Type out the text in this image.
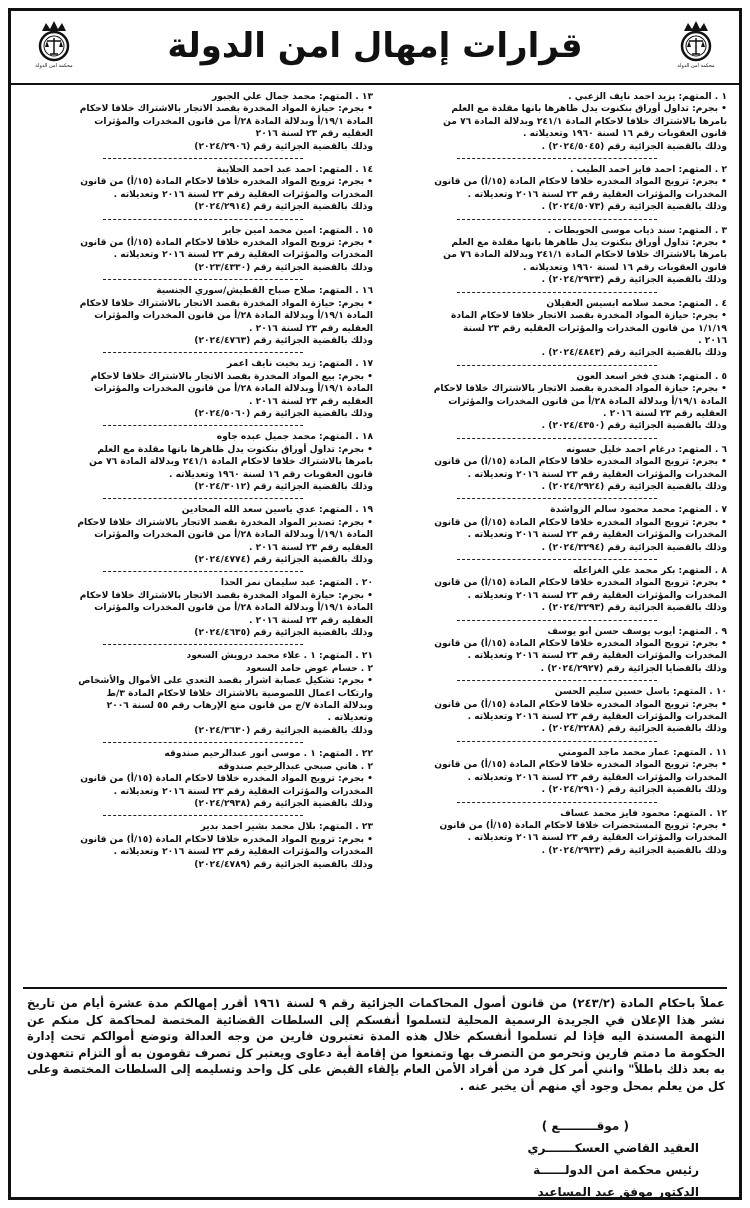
محكمة امن الدولة
قرارات إمهال امن الدولة
محكمة امن الدولة
١ . المتهم: يزيد احمد نايف الزعبي .
• بجرم: تداول أوراق بنكنوت يدل ظاهرها بانها مقلدة مع العلم
بامرها بالاشتراك خلافا لاحكام المادة ٢٤١/١ وبدلالة المادة ٧٦ من
قانون العقوبات رقم ١٦ لسنة ١٩٦٠ وتعديلاته .
وذلك بالقضية الجزائية رقم (٢٠٢٤/٥٠٤٥) .
٢ . المتهم: احمد فايز احمد الطيب .
• بجرم: ترويج المواد المخدره خلافا لاحكام المادة (١٥/أ) من قانون
المخدرات والمؤثرات العقلية رقم ٢٣ لسنة ٢٠١٦ وتعديلاته .
وذلك بالقضية الجزائية رقم (٢٠٢٤/٥٠٧٣) .
٣ . المتهم: سند ذياب موسى الحويطات .
• بجرم: تداول أوراق بنكنوت يدل ظاهرها بانها مقلدة مع العلم
بامرها بالاشتراك خلافا لاحكام المادة ٢٤١/١ وبدلالة المادة ٧٦ من
قانون العقوبات رقم ١٦ لسنة ١٩٦٠ وتعديلاته .
وذلك بالقضية الجزائية رقم (٢٠٢٤/٢٩٣٣) .
٤ . المتهم: محمد سلامه ابسيس العقيلان
• بجرم: حيازة المواد المخدرة بقصد الاتجار خلافا لاحكام المادة
١/١/١٩ من قانون المخدرات والمؤثرات العقليه رقم ٢٣ لسنة
٢٠١٦ .
وذلك بالقضية الجزائية رقم (٢٠٢٤/٤٨٤٣) .
٥ . المتهم: هندي فخر اسعد العون
• بجرم: حيازة المواد المخدرة بقصد الاتجار بالاشتراك خلافا لاحكام
المادة ١٩/١/أ وبدلالة المادة ٢٨/أ من قانون المخدرات والمؤثرات
العقليه رقم ٢٣ لسنة ٢٠١٦ .
وذلك بالقضية الجزائية رقم (٢٠٢٤/٤٣٥٠) .
٦ . المتهم: درغام احمد خليل حسونه
• بجرم: ترويج المواد المخدره خلافا لاحكام المادة (١٥/أ) من قانون
المخدرات والمؤثرات العقلية رقم ٢٣ لسنة ٢٠١٦ وتعديلاته .
وذلك بالقضية الجزائية رقم (٢٠٢٤/٢٩٢٤) .
٧ . المتهم: محمد محمود سالم الرواشدة
• بجرم: ترويج المواد المخدره خلافا لاحكام المادة (١٥/أ) من قانون
المخدرات والمؤثرات العقلية رقم ٢٣ لسنة ٢٠١٦ وتعديلاته .
وذلك بالقضية الجزائية رقم (٢٠٢٤/٣٢٩٤) .
٨ . المتهم: بكر محمد علي الغزاعله
• بجرم: ترويج المواد المخدره خلافا لاحكام المادة (١٥/أ) من قانون
المخدرات والمؤثرات العقلية رقم ٢٣ لسنة ٢٠١٦ وتعديلاته .
وذلك بالقضية الجزائية رقم (٢٠٢٤/٣٢٩٣) .
٩ . المتهم: أيوب يوسف حسن أبو يوسف
• بجرم: ترويج المواد المخدره خلافا لاحكام المادة (١٥/أ) من قانون
المخدرات والمؤثرات العقلية رقم ٢٣ لسنة ٢٠١٦ وتعديلاته .
وذلك بالقضايا الجزائية رقم (٢٠٢٤/٢٩٢٧) .
١٠ . المتهم: باسل حسين سليم الحسن
• بجرم: ترويج المواد المخدره خلافا لاحكام المادة (١٥/أ) من قانون
المخدرات والمؤثرات العقلية رقم ٢٣ لسنة ٢٠١٦ وتعديلاته .
وذلك بالقضية الجزائية رقم (٢٠٢٤/٣٢٨٨) .
١١ . المتهم: عمار محمد ماجد المومني
• بجرم: ترويج المواد المخدره خلافا لاحكام المادة (١٥/أ) من قانون
المخدرات والمؤثرات العقلية رقم ٢٣ لسنة ٢٠١٦ وتعديلاته .
وذلك بالقضية الجزائية رقم (٢٠٢٤/٢٩١٠) .
١٢ . المتهم: محمود فايز محمد عساف
• بجرم: ترويج المستحضرات خلافا لاحكام المادة (١٥/أ) من قانون
المخدرات والمؤثرات العقلية رقم ٢٣ لسنة ٢٠١٦ وتعديلاته .
وذلك بالقضية الجزائية رقم (٢٠٢٤/٢٩٣٣) .
١٣ . المتهم: محمد جمال علي الجبور
• بجرم: حيازة المواد المخدرة بقصد الاتجار بالاشتراك خلافا لاحكام
المادة ١٩/١/أ وبدلالة المادة ٢٨/أ من قانون المخدرات والمؤثرات
العقليه رقم ٢٣ لسنة ٢٠١٦
وذلك بالقضية الجزائية رقم (٢٠٢٤/٢٩٠٦)
١٤ . المتهم: احمد عبد احمد الحلايبة
• بجرم: ترويج المواد المخدره خلافا لاحكام المادة (١٥/أ) من قانون
المخدرات والمؤثرات العقلية رقم ٢٣ لسنة ٢٠١٦ وتعديلاته .
وذلك بالقضية الجزائية رقم (٢٠٢٤/٢٩١٤)
١٥ . المتهم: امين محمد امين جابر
• بجرم: ترويج المواد المخدره خلافا لاحكام المادة (١٥/أ) من قانون
المخدرات والمؤثرات العقلية رقم ٢٣ لسنة ٢٠١٦ وتعديلاته .
وذلك بالقضية الجزائية رقم (٢٠٢٣/٤٣٣٠)
١٦ . المتهم: صلاح صباح القطيش/سوري الجنسية
• بجرم: حيازة المواد المخدرة بقصد الاتجار بالاشتراك خلافا لاحكام
المادة ١٩/١/أ وبدلالة المادة ٢٨/أ من قانون المخدرات والمؤثرات
العقليه رقم ٢٣ لسنة ٢٠١٦ .
وذلك بالقضية الجزائية رقم (٢٠٢٤/٤٧٦٣)
١٧ . المتهم: زيد بخيت نايف اعمر
• بجرم: بيع المواد المخدرة بقصد الاتجار بالاشتراك خلافا لاحكام
المادة ١٩/١/أ وبدلالة المادة ٢٨/أ من قانون المخدرات والمؤثرات
العقليه رقم ٢٣ لسنة ٢٠١٦ .
وذلك بالقضية الجزائية رقم (٢٠٢٤/٥٠٦٠)
١٨ . المتهم: محمد جميل عبده جاوه
• بجرم: تداول أوراق بنكنوت يدل ظاهرها بانها مقلدة مع العلم
بامرها بالاشتراك خلافا لاحكام المادة ٢٤١/١ وبدلالة المادة ٧٦ من
قانون العقوبات رقم ١٦ لسنة ١٩٦٠ وتعديلاته .
وذلك بالقضية الجزائية رقم (٢٠٢٤/٣٠١٢)
١٩ . المتهم: عدي ياسين سعد الله المحادين
• بجرم: تصدير المواد المخدرة بقصد الاتجار بالاشتراك خلافا لاحكام
المادة ١٩/١/أ وبدلالة المادة ٢٨/أ من قانون المخدرات والمؤثرات
العقليه رقم ٢٣ لسنة ٢٠١٦ .
وذلك بالقضية الجزائية رقم (٢٠٢٤/٤٧٧٤)
٢٠ . المتهم: عبد سليمان نمر الحذا
• بجرم: حيازة المواد المخدرة بقصد الاتجار بالاشتراك خلافا لاحكام
المادة ١٩/١/أ وبدلالة المادة ٢٨/أ من قانون المخدرات والمؤثرات
العقليه رقم ٢٣ لسنة ٢٠١٦ .
وذلك بالقضية الجزائية رقم (٢٠٢٤/٤٦٣٥)
٢١ . المتهم: ١ . علاء محمد درويش السعود
٢ . حسام عوض حامد السعود
• بجرم: تشكيل عصابة اشرار بقصد التعدي على الأموال والأشخاص
وارتكاب اعمال اللصوصية بالاشتراك خلافا لاحكام المادة ٣/ط
وبدلالة المادة ٧/ج من قانون منع الإرهاب رقم ٥٥ لسنة ٢٠٠٦
وتعديلاته .
وذلك بالقضية الجزائية رقم (٢٠٢٤/٣٦٣٠)
٢٢ . المتهم: ١ . موسى أنور عبدالرحيم صندوقه
٢ . هاني صبحي عبدالرحيم صندوقه
• بجرم: ترويج المواد المخدره خلافا لاحكام المادة (١٥/أ) من قانون
المخدرات والمؤثرات العقلية رقم ٢٣ لسنة ٢٠١٦ وتعديلاته .
وذلك بالقضية الجزائية رقم (٢٠٢٤/٢٩٣٨)
٢٣ . المتهم: بلال محمد بشير احمد بدير
• بجرم: ترويج المواد المخدره خلافا لاحكام المادة (١٥/أ) من قانون
المخدرات والمؤثرات العقلية رقم ٢٣ لسنة ٢٠١٦ وتعديلاته .
وذلك بالقضية الجزائية رقم (٢٠٢٤/٤٧٨٩)
عملاً باحكام المادة (٢٤٣/٢) من قانون أصول المحاكمات الجزائية رقم ٩ لسنة ١٩٦١ أقرر إمهالكم مدة عشرة أيام من تاريخ نشر هذا الإعلان في الجريدة الرسمية المحلية لتسلموا أنفسكم إلى السلطات القضائية المختصة لمحاكمة كل منكم عن التهمة المسندة اليه فإذا لم تسلموا أنفسكم خلال هذه المدة تعتبرون فارين من وجه العدالة وتوضع أموالكم تحت إدارة الحكومة ما دمتم فارين وتحرمو من التصرف بها وتمنعوا من إقامة أية دعاوى ويعتبر كل تصرف تقومون به أو التزام تتعهدون به بعد ذلك باطلاً" وانني أمر كل فرد من أفراد الأمن العام بإلقاء القبض على كل واحد وتسليمه إلى السلطات المختصة وعلى كل من يعلم بمحل وجود أي منهم أن يخبر عنه .
( موقـــــــــع )
العقيد القاضي العسكـــــــري
رئيس محكمة امن الدولــــــة
الدكتور موفق عيد المساعيد
